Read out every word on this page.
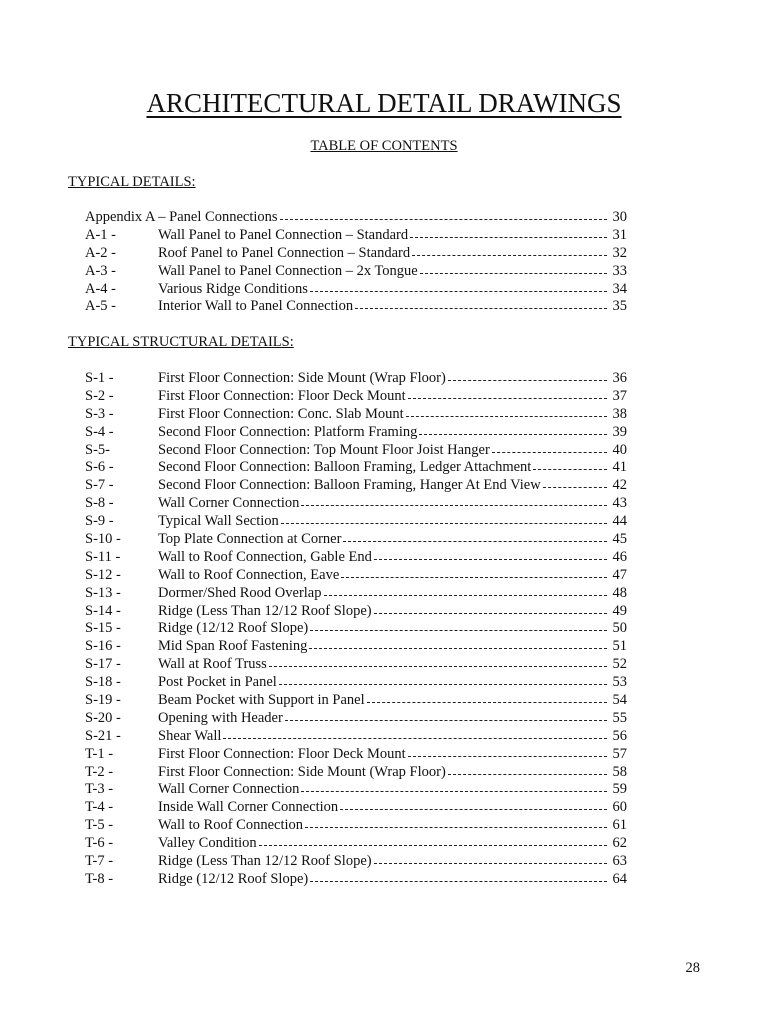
ARCHITECTURAL DETAIL DRAWINGS
TABLE OF CONTENTS
TYPICAL DETAILS:
Appendix A – Panel Connections	30
A-1 -	Wall Panel to Panel Connection – Standard	31
A-2 -	Roof Panel to Panel Connection – Standard	32
A-3 -	Wall Panel to Panel Connection – 2x Tongue	33
A-4 -	Various Ridge Conditions	34
A-5 -	Interior Wall to Panel Connection	35
TYPICAL STRUCTURAL DETAILS:
S-1 -	First Floor Connection: Side Mount (Wrap Floor)	36
S-2 -	First Floor Connection: Floor Deck Mount	37
S-3 -	First Floor Connection: Conc. Slab Mount	38
S-4 -	Second Floor Connection: Platform Framing	39
S-5-	Second Floor Connection: Top Mount Floor Joist Hanger	40
S-6 -	Second Floor Connection: Balloon Framing, Ledger Attachment	41
S-7 -	Second Floor Connection: Balloon Framing, Hanger At End View	42
S-8 -	Wall Corner Connection	43
S-9 -	Typical Wall Section	44
S-10 -	Top Plate Connection at Corner	45
S-11 -	Wall to Roof Connection, Gable End	46
S-12 -	Wall to Roof Connection, Eave	47
S-13 -	Dormer/Shed Rood Overlap	48
S-14 -	Ridge (Less Than 12/12 Roof Slope)	49
S-15 -	Ridge (12/12 Roof Slope)	50
S-16 -	Mid Span Roof Fastening	51
S-17 -	Wall at Roof Truss	52
S-18 -	Post Pocket in Panel	53
S-19 -	Beam Pocket with Support in Panel	54
S-20 -	Opening with Header	55
S-21 -	Shear Wall	56
T-1 -	First Floor Connection: Floor Deck Mount	57
T-2 -	First Floor Connection: Side Mount (Wrap Floor)	58
T-3 -	Wall Corner Connection	59
T-4 -	Inside Wall Corner Connection	60
T-5 -	Wall to Roof Connection	61
T-6 -	Valley Condition	62
T-7 -	Ridge (Less Than 12/12 Roof Slope)	63
T-8 -	Ridge (12/12 Roof Slope)	64
28
